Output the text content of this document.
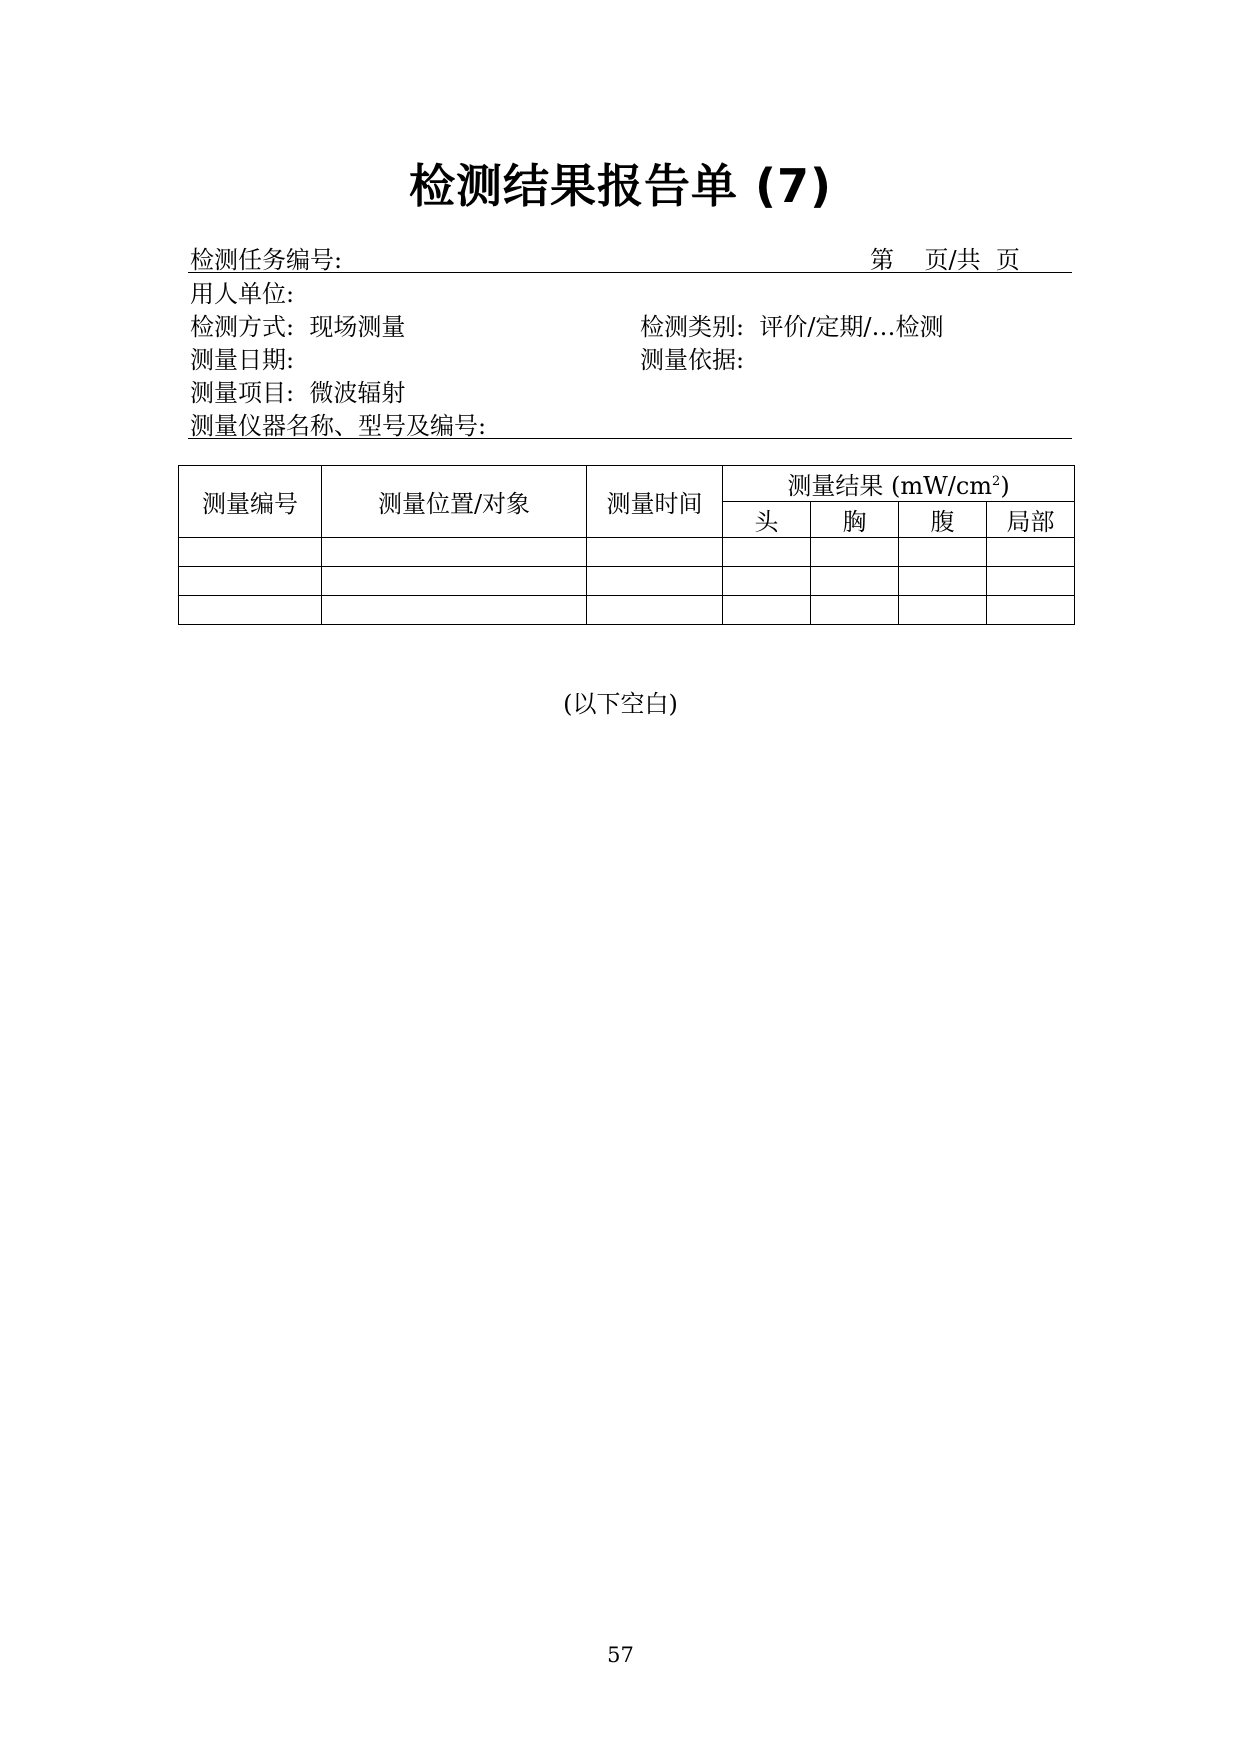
检测结果报告单 (7)
检测任务编号:	第    页/共  页
用人单位:
检测方式:  现场测量	检测类别:  评价/定期/…检测
测量日期:	测量依据:
测量项目:  微波辐射
测量仪器名称、型号及编号:
测量编号	测量位置/对象	测量时间	测量结果 $(mW/cm^2)$			
			头	胸	腹	局部

(以下空白)
57
